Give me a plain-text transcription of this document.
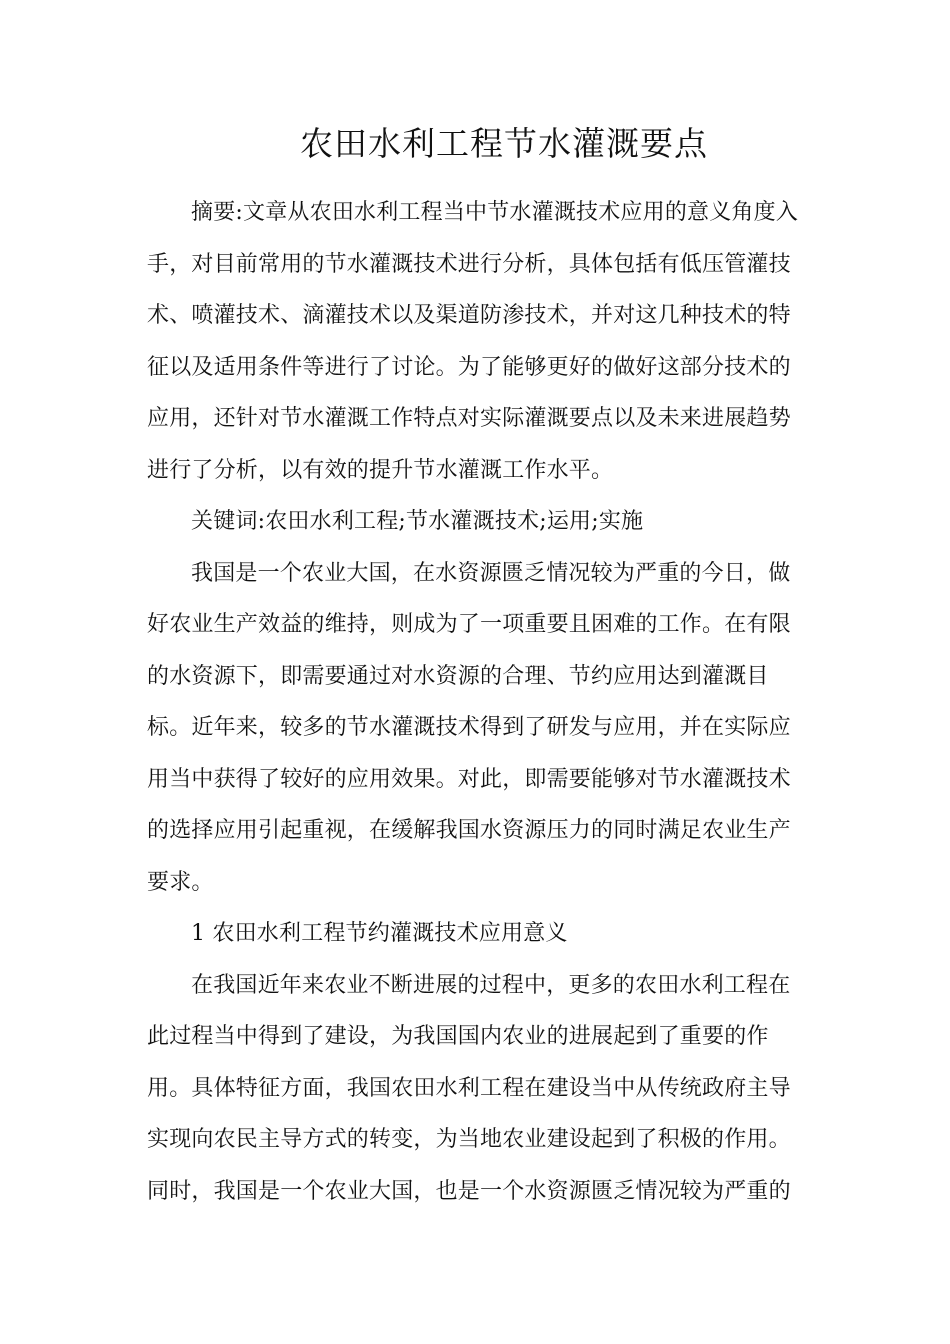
农田水利工程节水灌溉要点
摘要:文章从农田水利工程当中节水灌溉技术应用的意义角度入
手，对目前常用的节水灌溉技术进行分析，具体包括有低压管灌技
术、喷灌技术、滴灌技术以及渠道防渗技术，并对这几种技术的特
征以及适用条件等进行了讨论。为了能够更好的做好这部分技术的
应用，还针对节水灌溉工作特点对实际灌溉要点以及未来进展趋势
进行了分析，以有效的提升节水灌溉工作水平。
关键词:农田水利工程;节水灌溉技术;运用;实施
我国是一个农业大国，在水资源匮乏情况较为严重的今日，做
好农业生产效益的维持，则成为了一项重要且困难的工作。在有限
的水资源下，即需要通过对水资源的合理、节约应用达到灌溉目
标。近年来，较多的节水灌溉技术得到了研发与应用，并在实际应
用当中获得了较好的应用效果。对此，即需要能够对节水灌溉技术
的选择应用引起重视，在缓解我国水资源压力的同时满足农业生产
要求。
1 农田水利工程节约灌溉技术应用意义
在我国近年来农业不断进展的过程中，更多的农田水利工程在
此过程当中得到了建设，为我国国内农业的进展起到了重要的作
用。具体特征方面，我国农田水利工程在建设当中从传统政府主导
实现向农民主导方式的转变，为当地农业建设起到了积极的作用。
同时，我国是一个农业大国，也是一个水资源匮乏情况较为严重的
